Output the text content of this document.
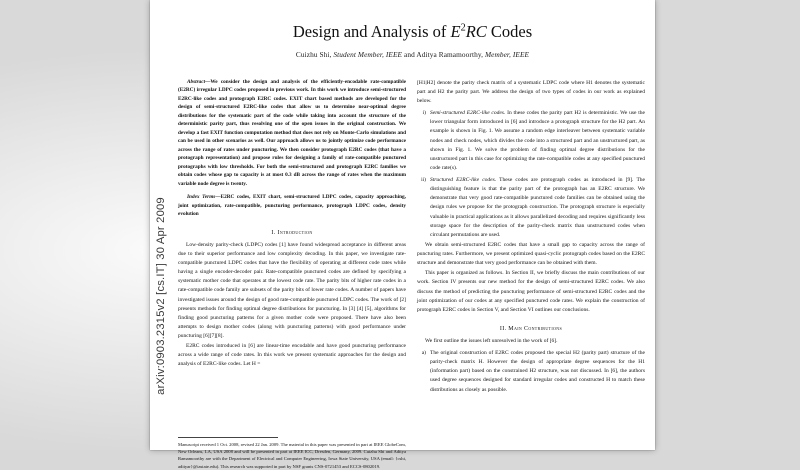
arXiv:0903.2315v2 [cs.IT] 30 Apr 2009
Design and Analysis of $E^2RC$ Codes

Cuizhu Shi, Student Member, IEEE and Aditya Ramamoorthy, Member, IEEE

Abstract—We consider the design and analysis of the efficiently-encodable rate-compatible (E2RC) irregular LDPC codes proposed in previous work. In this work we introduce semi-structured E2RC-like codes and protograph E2RC codes. EXIT chart based methods are developed for the design of semi-structured E2RC-like codes that allow us to determine near-optimal degree distributions for the systematic part of the code while taking into account the structure of the deterministic parity part, thus resolving one of the open issues in the original construction. We develop a fast EXIT function computation method that does not rely on Monte-Carlo simulations and can be used in other scenarios as well. Our approach allows us to jointly optimize code performance across the range of rates under puncturing. We then consider protograph E2RC codes (that have a protograph representation) and propose rules for designing a family of rate-compatible punctured protographs with low thresholds. For both the semi-structured and protograph E2RC families we obtain codes whose gap to capacity is at most 0.3 dB across the range of rates when the maximum variable node degree is twenty.

Index Terms—E2RC codes, EXIT chart, semi-structured LDPC codes, capacity approaching, joint optimization, rate-compatible, puncturing performance, protograph LDPC codes, density evolution

I. Introduction

Low-density parity-check (LDPC) codes [1] have found widespread acceptance in different areas due to their superior performance and low complexity decoding. In this paper, we investigate rate-compatible punctured LDPC codes that have the flexibility of operating at different code rates while having a single encoder-decoder pair. Rate-compatible punctured codes are defined by specifying a systematic mother code that operates at the lowest code rate. The parity bits of higher rate codes in a rate-compatible code family are subsets of the parity bits of lower rate codes. A number of papers have investigated issues around the design of good rate-compatible punctured LDPC codes. The work of [2] presents methods for finding optimal degree distributions for puncturing. In [3] [4] [5], algorithms for finding good puncturing patterns for a given mother code were proposed. There have also been attempts to design mother codes (along with puncturing patterns) with good performance under puncturing [6][7][8].

E2RC codes introduced in [6] are linear-time encodable and have good puncturing performance across a wide range of code rates. In this work we present systematic approaches for the design and analysis of E2RC-like codes. Let H =

Manuscript received 1 Oct. 2008, revised 22 Jan. 2009. The material in this paper was presented in part at IEEE GlobeCom, New Orleans, LA, USA 2008 and will be presented in part at IEEE ICC, Dresden, Germany, 2009. Cuizhu Shi and Aditya Ramamoorthy are with the Department of Electrical and Computer Engineering, Iowa State University, USA (email: {cshi, adityar}@iastate.edu). This research was supported in part by NSF grants CNS-0721453 and ECCS-0802019.

[H1|H2] denote the parity check matrix of a systematic LDPC code where H1 denotes the systematic part and H2 the parity part. We address the design of two types of codes in our work as explained below.

i) Semi-structured E2RC-like codes. In these codes the parity part H2 is deterministic. We use the lower triangular form introduced in [6] and introduce a protograph structure for the H2 part. An example is shown in Fig. 1. We assume a random edge interleaver between systematic variable nodes and check nodes, which divides the code into a structured part and an unstructured part, as shown in Fig. 1. We solve the problem of finding optimal degree distributions for the unstructured part in this case for optimizing the rate-compatible codes at any specified punctured code rate(s).
ii) Structured E2RC-like codes. These codes are protograph codes as introduced in [9]. The distinguishing feature is that the parity part of the protograph has an E2RC structure. We demonstrate that very good rate-compatible punctured code families can be obtained using the design rules we propose for the protograph construction. The protograph structure is especially valuable in practical applications as it allows parallelized decoding and requires significantly less storage space for the description of the parity-check matrix than unstructured codes when circulant permutations are used.

We obtain semi-structured E2RC codes that have a small gap to capacity across the range of puncturing rates. Furthermore, we present optimized quasi-cyclic protograph codes based on the E2RC structure and demonstrate that very good performance can be obtained with them.

This paper is organized as follows. In Section II, we briefly discuss the main contributions of our work. Section IV presents our new method for the design of semi-structured E2RC codes. We also discuss the method of predicting the puncturing performance of semi-structured E2RC codes and the joint optimization of our codes at any specified punctured code rates. We explain the construction of protograph E2RC codes in Section V, and Section VI outlines our conclusions.

II. Main Contributions

We first outline the issues left unresolved in the work of [6].

a) The original construction of E2RC codes proposed the special H2 (parity part) structure of the parity-check matrix H. However the design of appropriate degree sequences for the H1 (information part) based on the constrained H2 structure, was not discussed. In [6], the authors used degree sequences designed for standard irregular codes and constructed H to match these distributions as closely as possible.
